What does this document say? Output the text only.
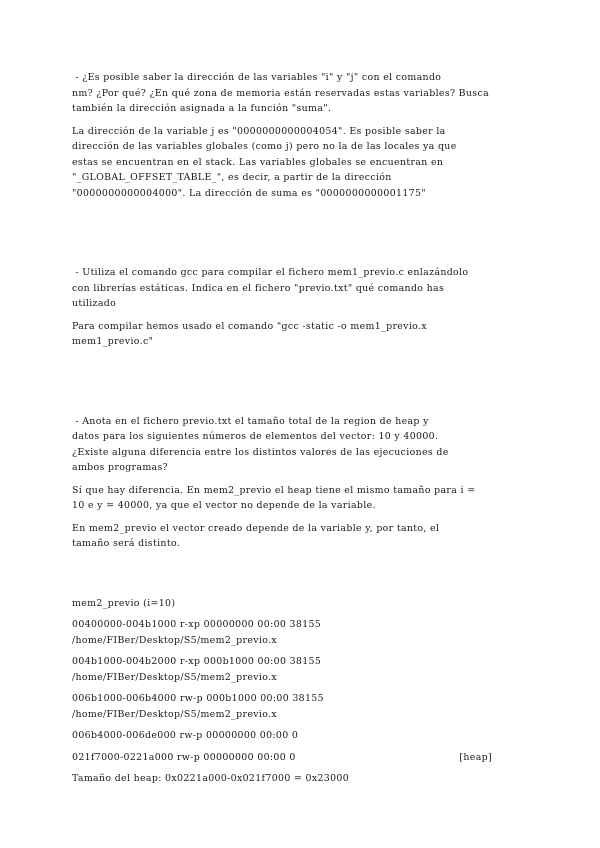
- ¿Es posible saber la dirección de las variables "i" y "j" con el comando

nm? ¿Por qué? ¿En qué zona de memoria están reservadas estas variables? Busca

también la dirección asignada a la función "suma".

La dirección de la variable j es "0000000000004054". Es posible saber la

dirección de las variables globales (como j) pero no la de las locales ya que

estas se encuentran en el stack. Las variables globales se encuentran en

"_GLOBAL_OFFSET_TABLE_", es decir, a partir de la dirección

"0000000000004000". La dirección de suma es "0000000000001175"

- Utiliza el comando gcc para compilar el fichero mem1_previo.c enlazándolo

con librerías estáticas. Indica en el fichero "previo.txt" qué comando has

utilizado

Para compilar hemos usado el comando "gcc -static -o mem1_previo.x

mem1_previo.c"

- Anota en el fichero previo.txt el tamaño total de la region de heap y

datos para los siguientes números de elementos del vector: 10 y 40000.

¿Existe alguna diferencia entre los distintos valores de las ejecuciones de

ambos programas?

Sí que hay diferencia. En mem2_previo el heap tiene el mismo tamaño para i =

10 e y = 40000, ya que el vector no depende de la variable.

En mem2_previo el vector creado depende de la variable y, por tanto, el

tamaño será distinto.

mem2_previo (i=10)

00400000-004b1000 r-xp 00000000 00:00 38155

/home/FIBer/Desktop/S5/mem2_previo.x

004b1000-004b2000 r-xp 000b1000 00:00 38155

/home/FIBer/Desktop/S5/mem2_previo.x

006b1000-006b4000 rw-p 000b1000 00:00 38155

/home/FIBer/Desktop/S5/mem2_previo.x

006b4000-006de000 rw-p 00000000 00:00 0

021f7000-0221a000 rw-p 00000000 00:00 0	[heap]

Tamaño del heap: 0x0221a000-0x021f7000 = 0x23000
